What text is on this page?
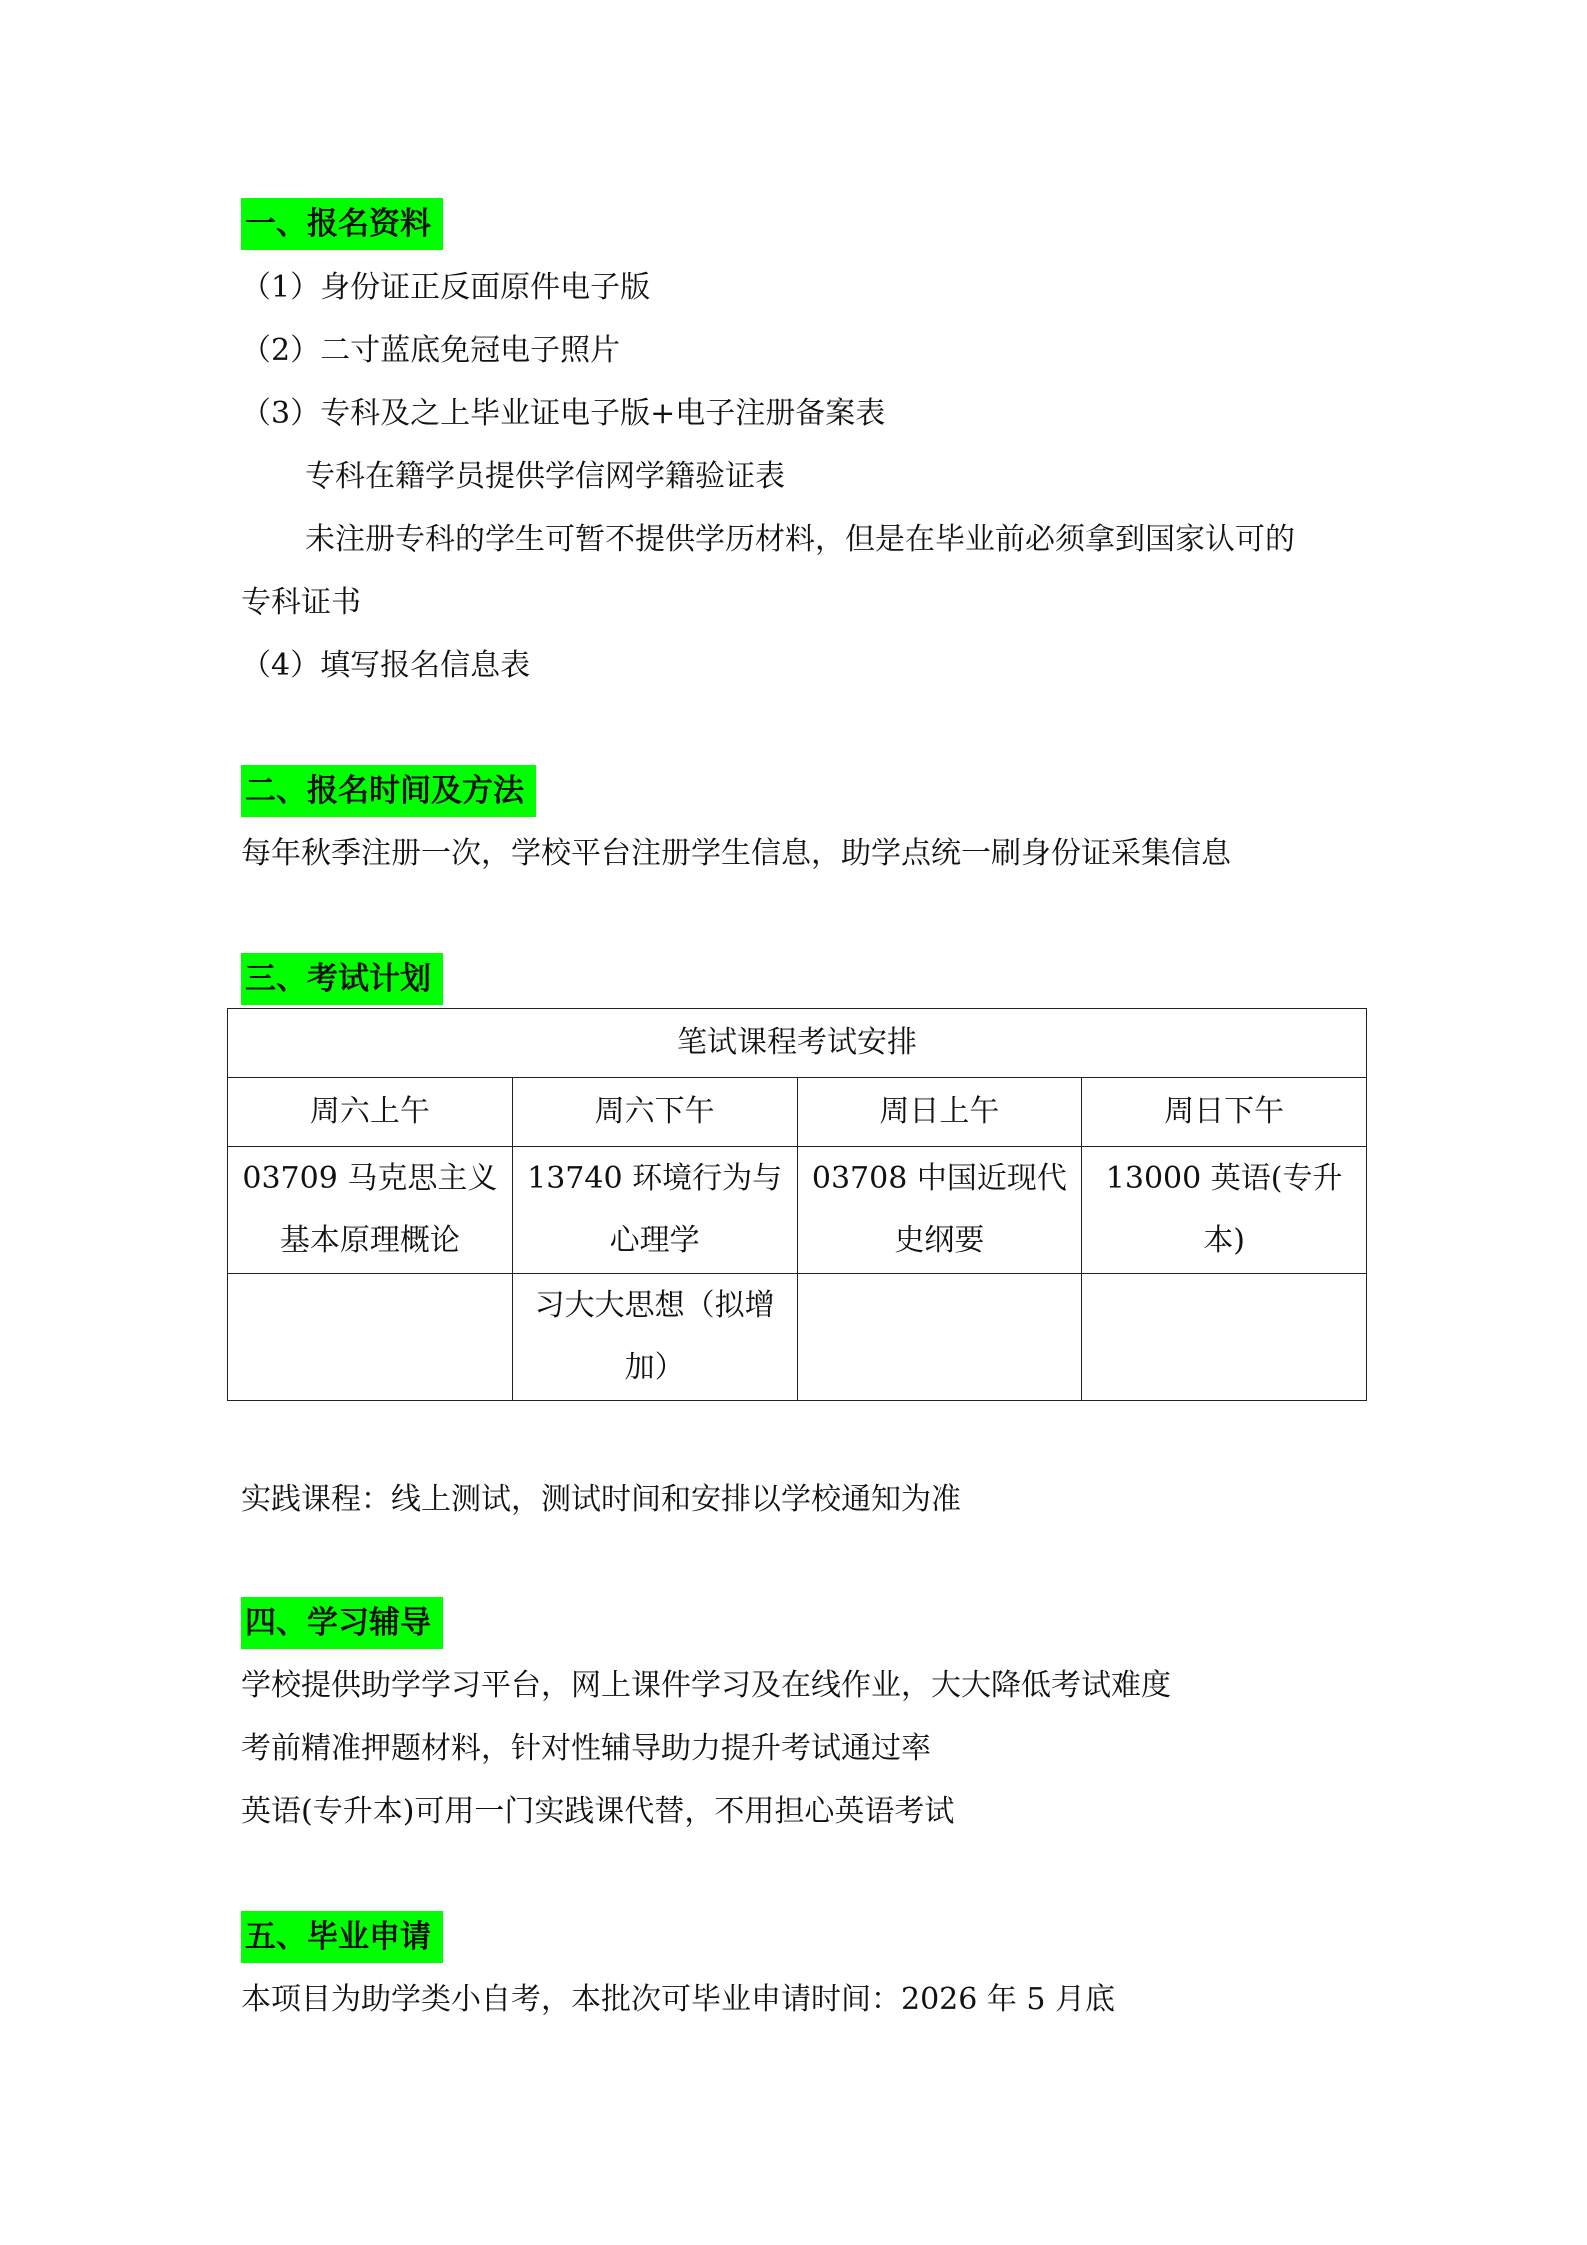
一、报名资料
（1）身份证正反面原件电子版
（2）二寸蓝底免冠电子照片
（3）专科及之上毕业证电子版+电子注册备案表
专科在籍学员提供学信网学籍验证表
未注册专科的学生可暂不提供学历材料，但是在毕业前必须拿到国家认可的
专科证书
（4）填写报名信息表
二、报名时间及方法
每年秋季注册一次，学校平台注册学生信息，助学点统一刷身份证采集信息
三、考试计划
笔试课程考试安排			
周六上午	周六下午	周日上午	周日下午

03709 马克思主义基本原理概论	13740 环境行为与心理学	03708 中国近现代史纲要	13000 英语(专升本)

	习大大思想（拟增加）		

实践课程：线上测试，测试时间和安排以学校通知为准
四、学习辅导
学校提供助学学习平台，网上课件学习及在线作业，大大降低考试难度
考前精准押题材料，针对性辅导助力提升考试通过率
英语(专升本)可用一门实践课代替，不用担心英语考试
五、毕业申请
本项目为助学类小自考，本批次可毕业申请时间：2026 年 5 月底
